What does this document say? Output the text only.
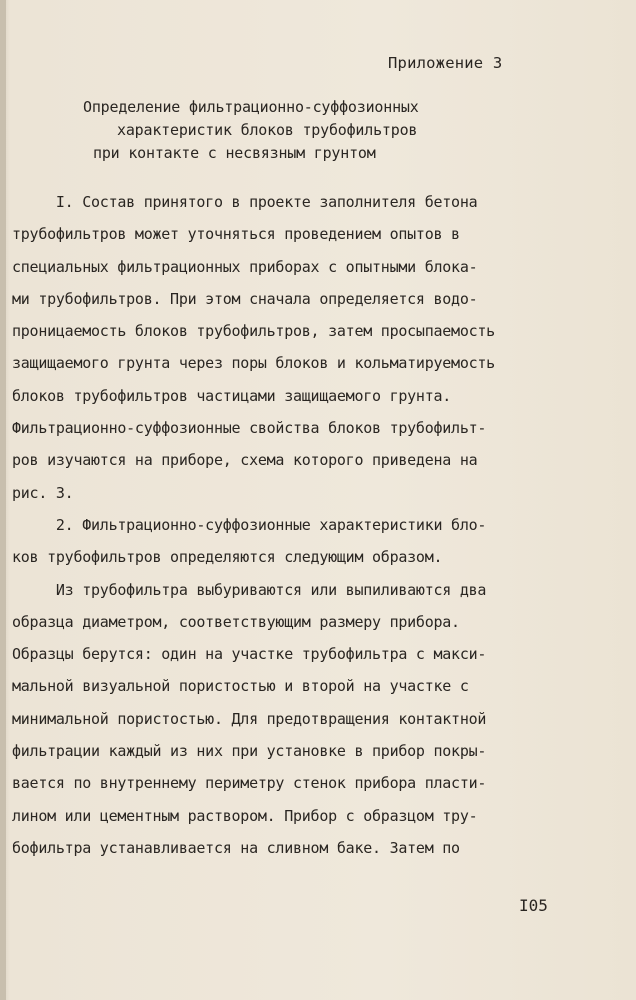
Приложение 3
Определение фильтрационно-суффозионных
характеристик блоков трубофильтров
при контакте с несвязным грунтом
I. Состав принятого в проекте заполнителя бетона
трубофильтров может уточняться проведением опытов в
специальных фильтрационных приборах с опытными блока-
ми трубофильтров. При этом сначала определяется водо-
проницаемость блоков трубофильтров, затем просыпаемость
защищаемого грунта через поры блоков и кольматируемость
блоков трубофильтров частицами защищаемого грунта.
Фильтрационно-суффозионные свойства блоков трубофильт-
ров изучаются на приборе, схема которого приведена на
рис. 3.
2. Фильтрационно-суффозионные характеристики бло-
ков трубофильтров определяются следующим образом.
Из трубофильтра выбуриваются или выпиливаются два
образца диаметром, соответствующим размеру прибора.
Образцы берутся: один на участке трубофильтра с макси-
мальной визуальной пористостью и второй на участке с
минимальной пористостью. Для предотвращения контактной
фильтрации каждый из них при установке в прибор покры-
вается по внутреннему периметру стенок прибора пласти-
лином или цементным раствором. Прибор с образцом тру-
бофильтра устанавливается на сливном баке. Затем по
I05
